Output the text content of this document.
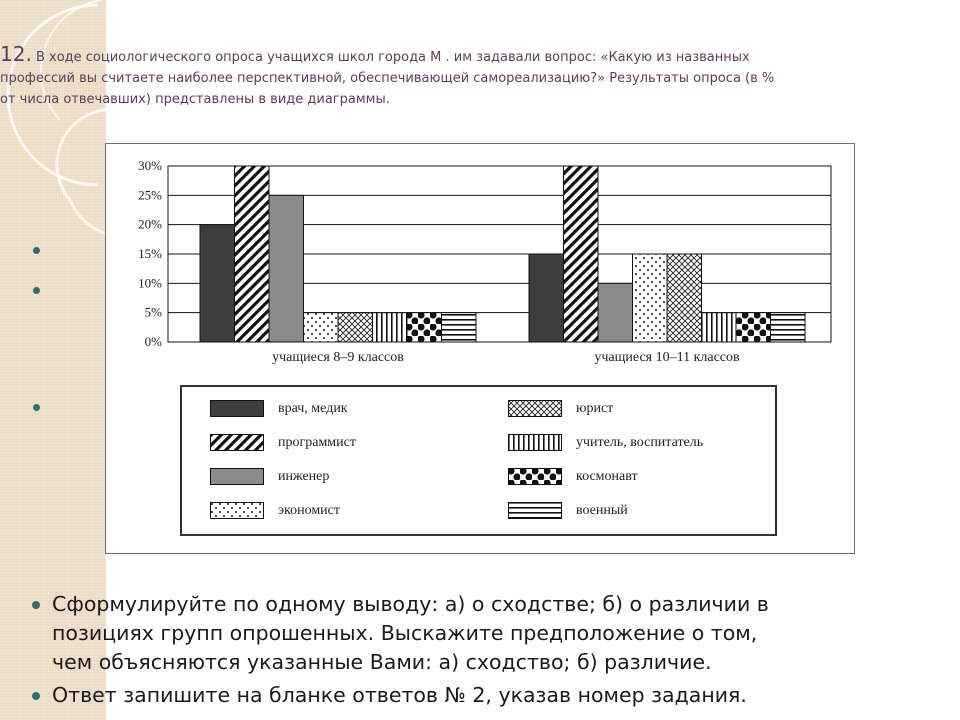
12. В ходе социологического опроса учащихся школ города М . им задавали вопрос: «Какую из названных

профессий вы считаете наиболее перспективной, обеспечивающей самореализацию?» Результаты опроса (в %

от числа отвечавших) представлены в виде диаграммы.

0%
5%
10%
15%
20%
25%
30%
учащиеся 8–9 классов	учащиеся 10–11 классов
врач, медик
программист
инженер
экономист
юрист
учитель, воспитатель
космонавт
военный
Сформулируйте по одному выводу: а) о сходстве; б) о различии в
позициях групп опрошенных. Выскажите предположение о том,
чем объясняются указанные Вами: а) сходство; б) различие.
Ответ запишите на бланке ответов № 2, указав номер задания.
